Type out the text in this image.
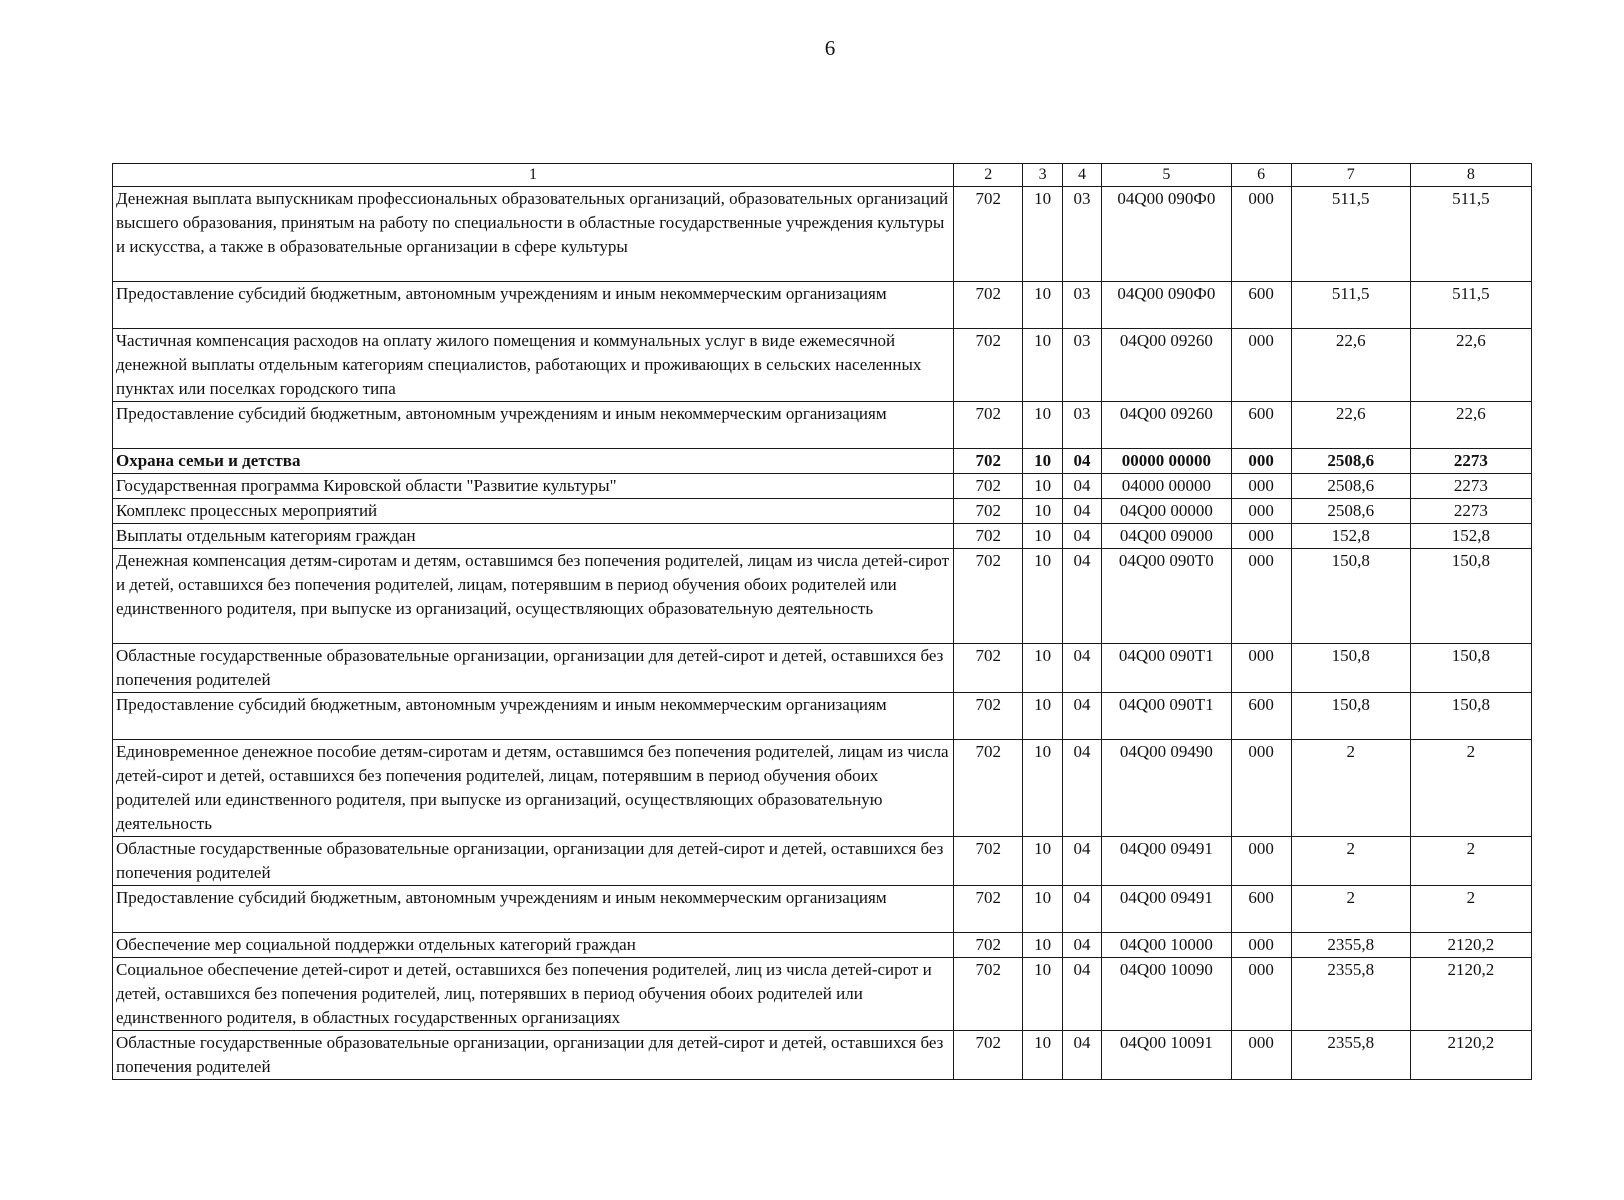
6
1	2	3	4	5	6	7	8
Денежная выплата выпускникам профессиональных образовательных организаций, образовательных организаций высшего образования, принятым на работу по специальности в областные государственные учреждения культуры и искусства, а также в образовательные организации в сфере культуры	702	10	03	04Q00 090Ф0	000	511,5	511,5
Предоставление субсидий бюджетным, автономным учреждениям и иным некоммерческим организациям	702	10	03	04Q00 090Ф0	600	511,5	511,5
Частичная компенсация расходов на оплату жилого помещения и коммунальных услуг в виде ежемесячной денежной выплаты отдельным категориям специалистов, работающих и проживающих в сельских населенных пунктах или поселках городского типа	702	10	03	04Q00 09260	000	22,6	22,6
Предоставление субсидий бюджетным, автономным учреждениям и иным некоммерческим организациям	702	10	03	04Q00 09260	600	22,6	22,6
Охрана семьи и детства	702	10	04	00000 00000	000	2508,6	2273
Государственная программа Кировской области "Развитие культуры"	702	10	04	04000 00000	000	2508,6	2273
Комплекс процессных мероприятий	702	10	04	04Q00 00000	000	2508,6	2273
Выплаты отдельным категориям граждан	702	10	04	04Q00 09000	000	152,8	152,8
Денежная компенсация детям-сиротам и детям, оставшимся без попечения родителей, лицам из числа детей-сирот и детей, оставшихся без попечения родителей, лицам, потерявшим в период обучения обоих родителей или единственного родителя, при выпуске из организаций, осуществляющих образовательную деятельность	702	10	04	04Q00 090T0	000	150,8	150,8
Областные государственные образовательные организации, организации для детей-сирот и детей, оставшихся без попечения родителей	702	10	04	04Q00 090T1	000	150,8	150,8
Предоставление субсидий бюджетным, автономным учреждениям и иным некоммерческим организациям	702	10	04	04Q00 090T1	600	150,8	150,8
Единовременное денежное пособие детям-сиротам и детям, оставшимся без попечения родителей, лицам из числа детей-сирот и детей, оставшихся без попечения родителей, лицам, потерявшим в период обучения обоих родителей или единственного родителя, при выпуске из организаций, осуществляющих образовательную деятельность	702	10	04	04Q00 09490	000	2	2
Областные государственные образовательные организации, организации для детей-сирот и детей, оставшихся без попечения родителей	702	10	04	04Q00 09491	000	2	2
Предоставление субсидий бюджетным, автономным учреждениям и иным некоммерческим организациям	702	10	04	04Q00 09491	600	2	2
Обеспечение мер социальной поддержки отдельных категорий граждан	702	10	04	04Q00 10000	000	2355,8	2120,2
Социальное обеспечение детей-сирот и детей, оставшихся без попечения родителей, лиц из числа детей-сирот и детей, оставшихся без попечения родителей, лиц, потерявших в период обучения обоих родителей или единственного родителя, в областных государственных организациях	702	10	04	04Q00 10090	000	2355,8	2120,2
Областные государственные образовательные организации, организации для детей-сирот и детей, оставшихся без попечения родителей	702	10	04	04Q00 10091	000	2355,8	2120,2
